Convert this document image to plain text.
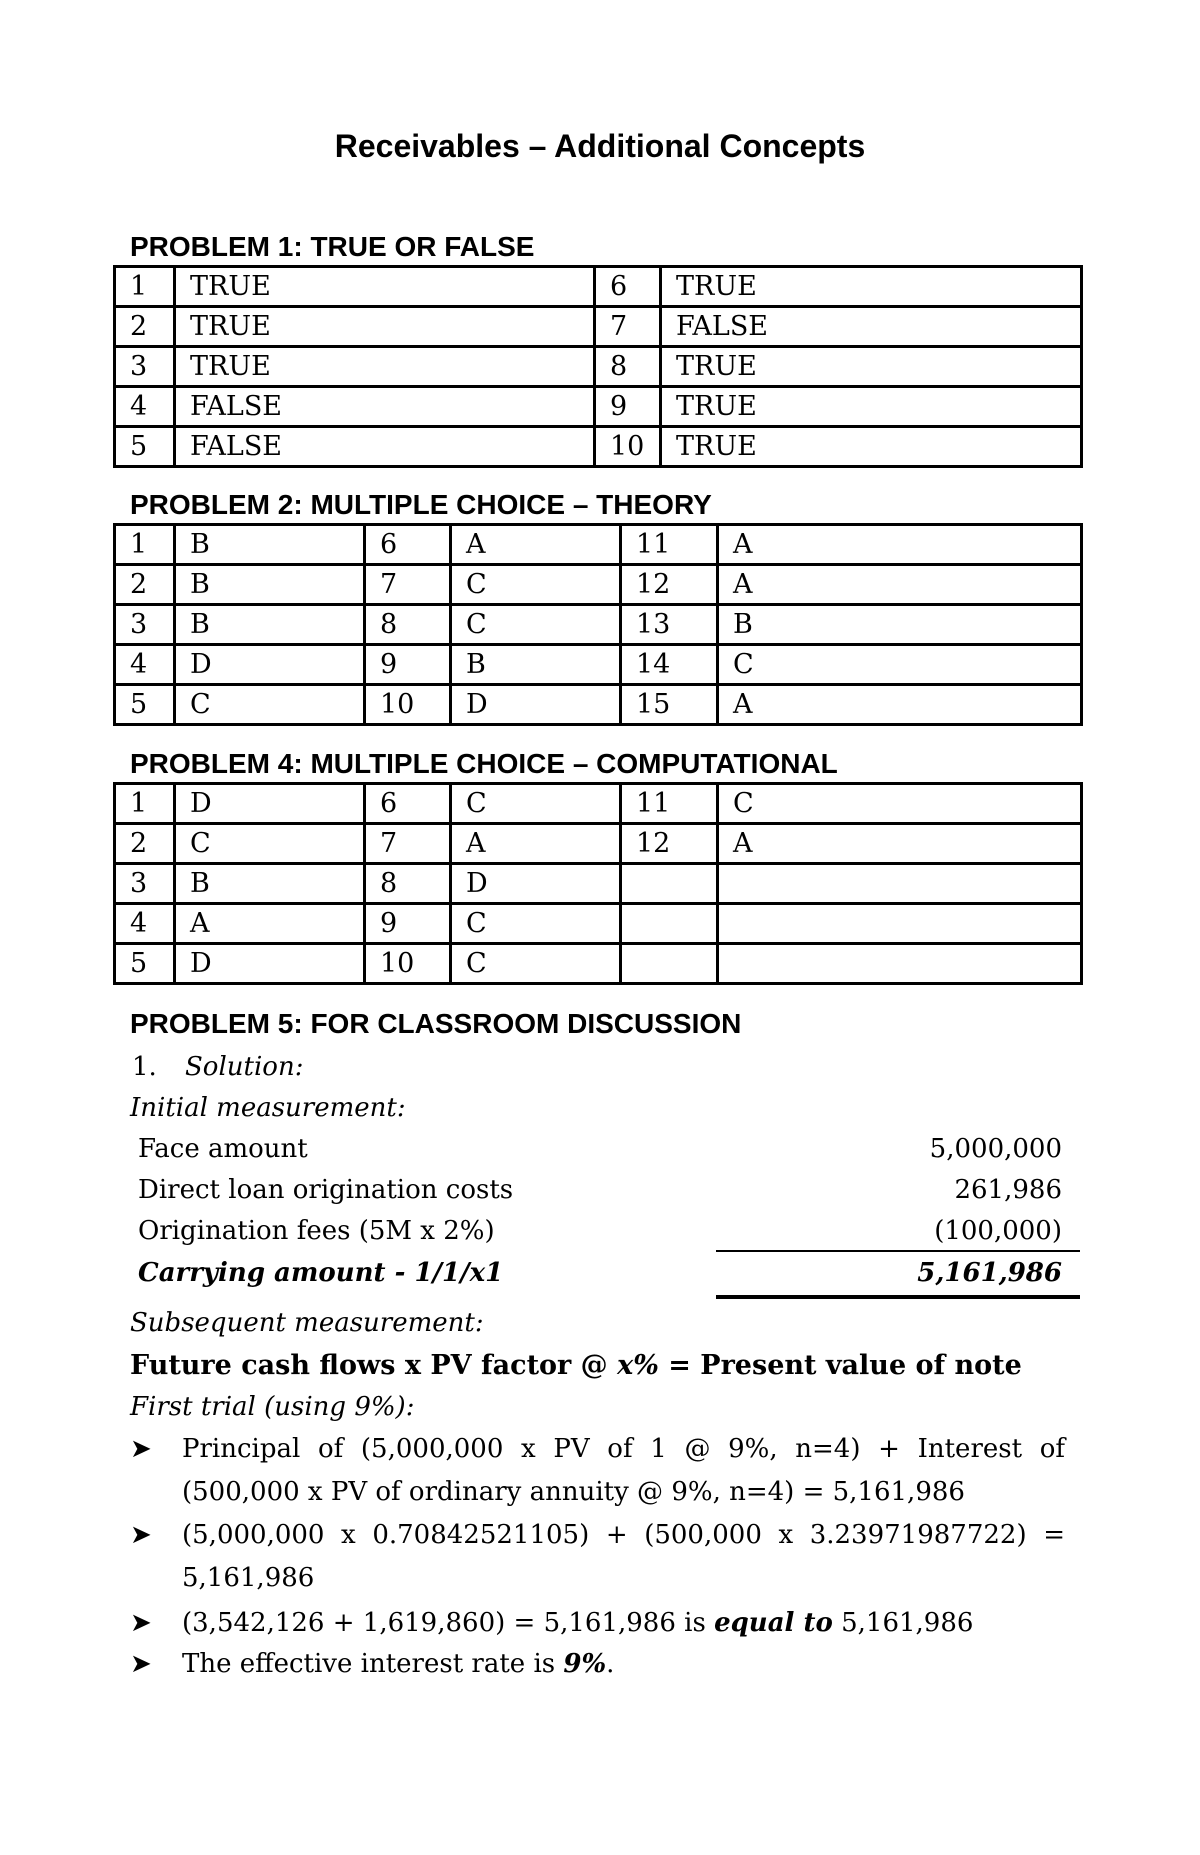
Receivables – Additional Concepts
PROBLEM 1: TRUE OR FALSE
1	TRUE	6	TRUE
2	TRUE	7	FALSE
3	TRUE	8	TRUE
4	FALSE	9	TRUE
5	FALSE	10	TRUE
PROBLEM 2: MULTIPLE CHOICE – THEORY
1	B	6	A	11	A
2	B	7	C	12	A
3	B	8	C	13	B
4	D	9	B	14	C
5	C	10	D	15	A
PROBLEM 4: MULTIPLE CHOICE – COMPUTATIONAL
1	D	6	C	11	C
2	C	7	A	12	A
3	B	8	D		
4	A	9	C		
5	D	10	C		
PROBLEM 5: FOR CLASSROOM DISCUSSION
1. Solution:
Initial measurement:
Face amount	5,000,000
Direct loan origination costs	261,986
Origination fees (5M x 2%)	(100,000)
Carrying amount - 1/1/x1	5,161,986
Subsequent measurement:
Future cash flows x PV factor @ x% = Present value of note
First trial (using 9%):
➤ Principal of (5,000,000 x PV of 1 @ 9%, n=4) + Interest of
(500,000 x PV of ordinary annuity @ 9%, n=4) = 5,161,986
➤ (5,000,000 x 0.70842521105) + (500,000 x 3.23971987722) =
5,161,986
➤ (3,542,126 + 1,619,860) = 5,161,986 is equal to 5,161,986
➤ The effective interest rate is 9%.
